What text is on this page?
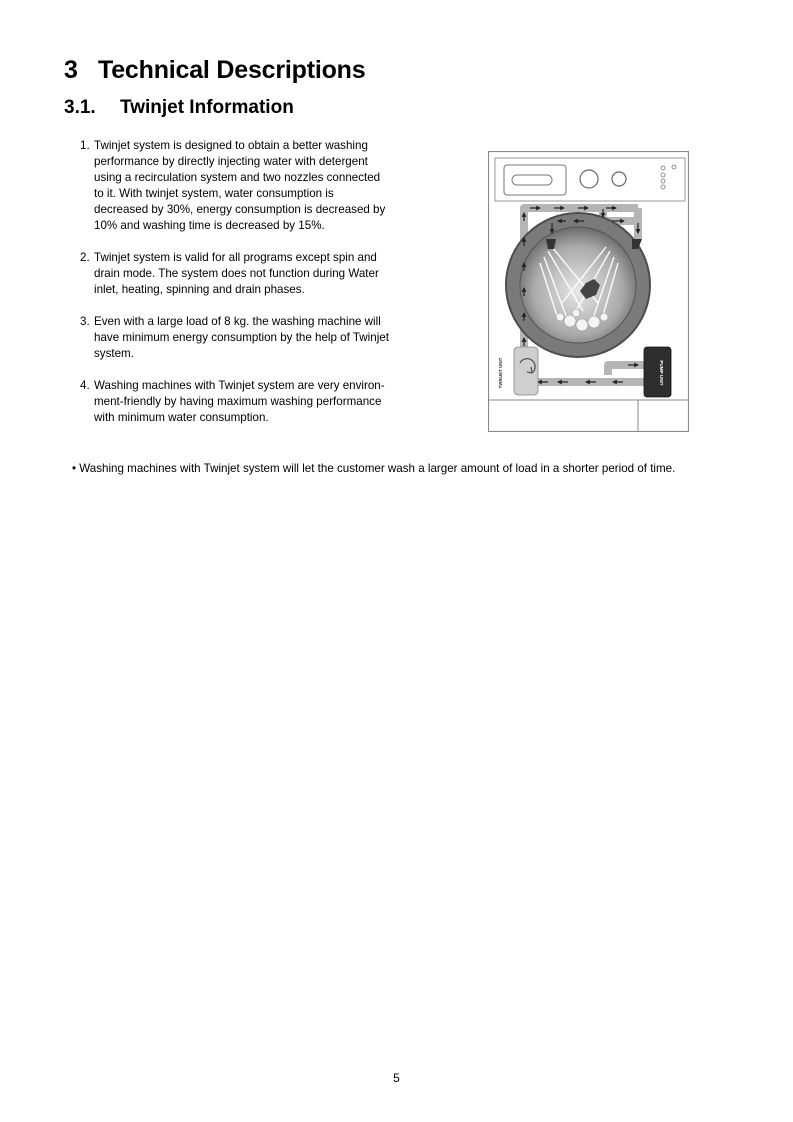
3 Technical Descriptions
3.1. Twinjet Information
1. Twinjet system is designed to obtain a better washing
performance by directly injecting water with detergent
using a recirculation system and two nozzles connected
to it. With twinjet system, water consumption is
decreased by 30%, energy consumption is decreased by
10% and washing time is decreased by 15%.
2. Twinjet system is valid for all programs except spin and
drain mode. The system does not function during Water
inlet, heating, spinning and drain phases.
3. Even with a large load of 8 kg. the washing machine will
have minimum energy consumption by the help of Twinjet
system.
4. Washing machines with Twinjet system are very environ-
ment-friendly by having maximum washing performance
with minimum water consumption.
TWINJET UNIT	PUMP UNIT
• Washing machines with Twinjet system will let the customer wash a larger amount of load in a shorter period of time.
5
